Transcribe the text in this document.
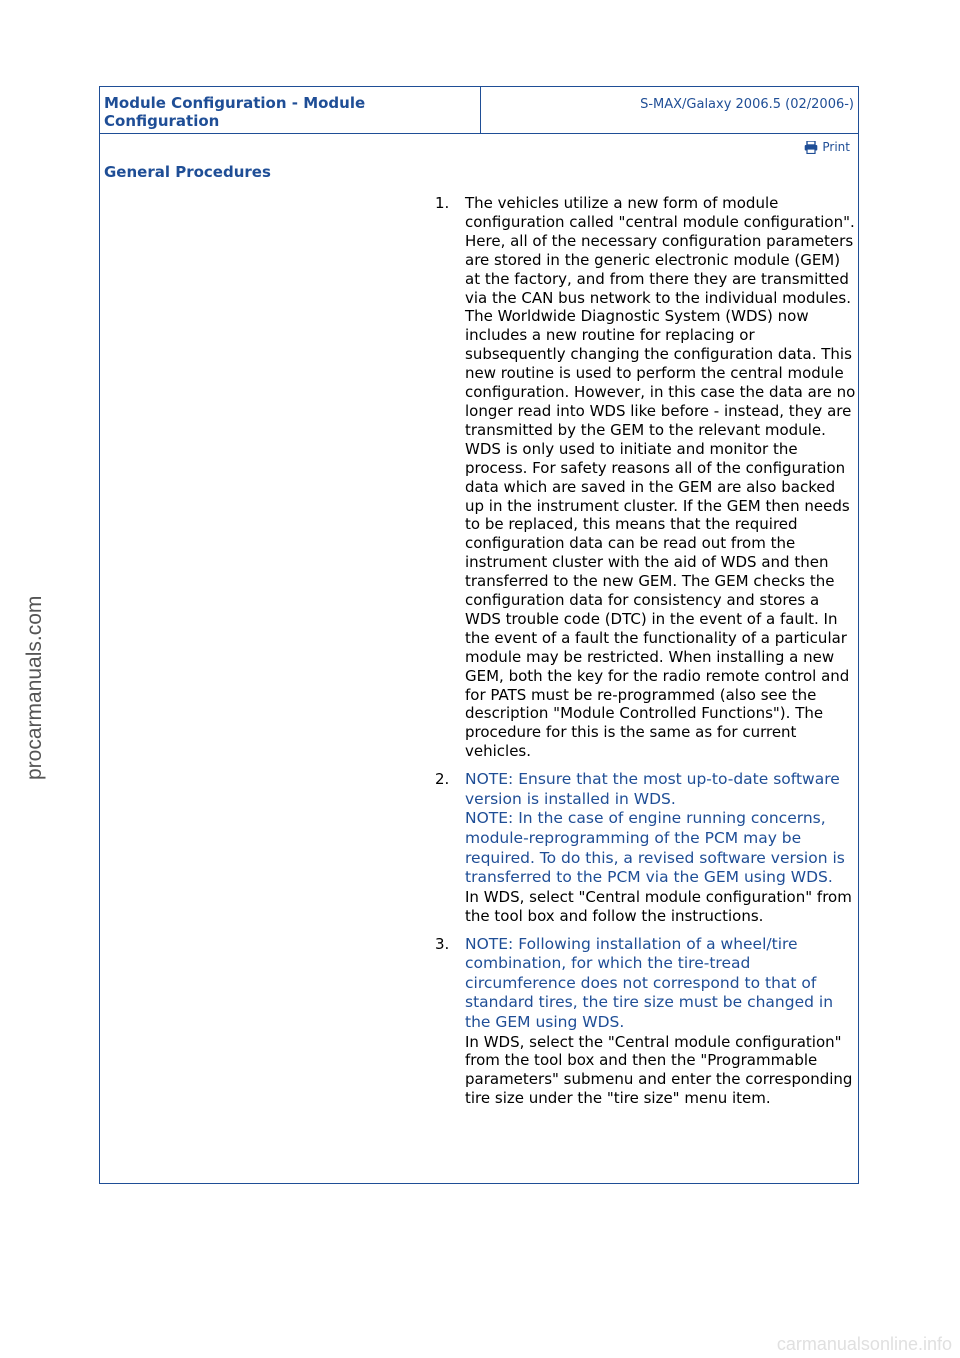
Module Configuration - Module Configuration
S-MAX/Galaxy 2006.5 (02/2006-)
Print
General Procedures
1. The vehicles utilize a new form of module configuration called "central module configuration". Here, all of the necessary configuration parameters are stored in the generic electronic module (GEM) at the factory, and from there they are transmitted via the CAN bus network to the individual modules. The Worldwide Diagnostic System (WDS) now includes a new routine for replacing or subsequently changing the configuration data. This new routine is used to perform the central module configuration. However, in this case the data are no longer read into WDS like before - instead, they are transmitted by the GEM to the relevant module. WDS is only used to initiate and monitor the process. For safety reasons all of the configuration data which are saved in the GEM are also backed up in the instrument cluster. If the GEM then needs to be replaced, this means that the required configuration data can be read out from the instrument cluster with the aid of WDS and then transferred to the new GEM. The GEM checks the configuration data for consistency and stores a WDS trouble code (DTC) in the event of a fault. In the event of a fault the functionality of a particular module may be restricted. When installing a new GEM, both the key for the radio remote control and for PATS must be re-programmed (also see the description "Module Controlled Functions"). The procedure for this is the same as for current vehicles.
2. NOTE: Ensure that the most up-to-date software version is installed in WDS.
NOTE: In the case of engine running concerns, module-reprogramming of the PCM may be required. To do this, a revised software version is transferred to the PCM via the GEM using WDS.
In WDS, select "Central module configuration" from the tool box and follow the instructions.
3. NOTE: Following installation of a wheel/tire combination, for which the tire-tread circumference does not correspond to that of standard tires, the tire size must be changed in the GEM using WDS.
In WDS, select the "Central module configuration" from the tool box and then the "Programmable parameters" submenu and enter the corresponding tire size under the "tire size" menu item.
procarmanuals.com
carmanualsonline.info
